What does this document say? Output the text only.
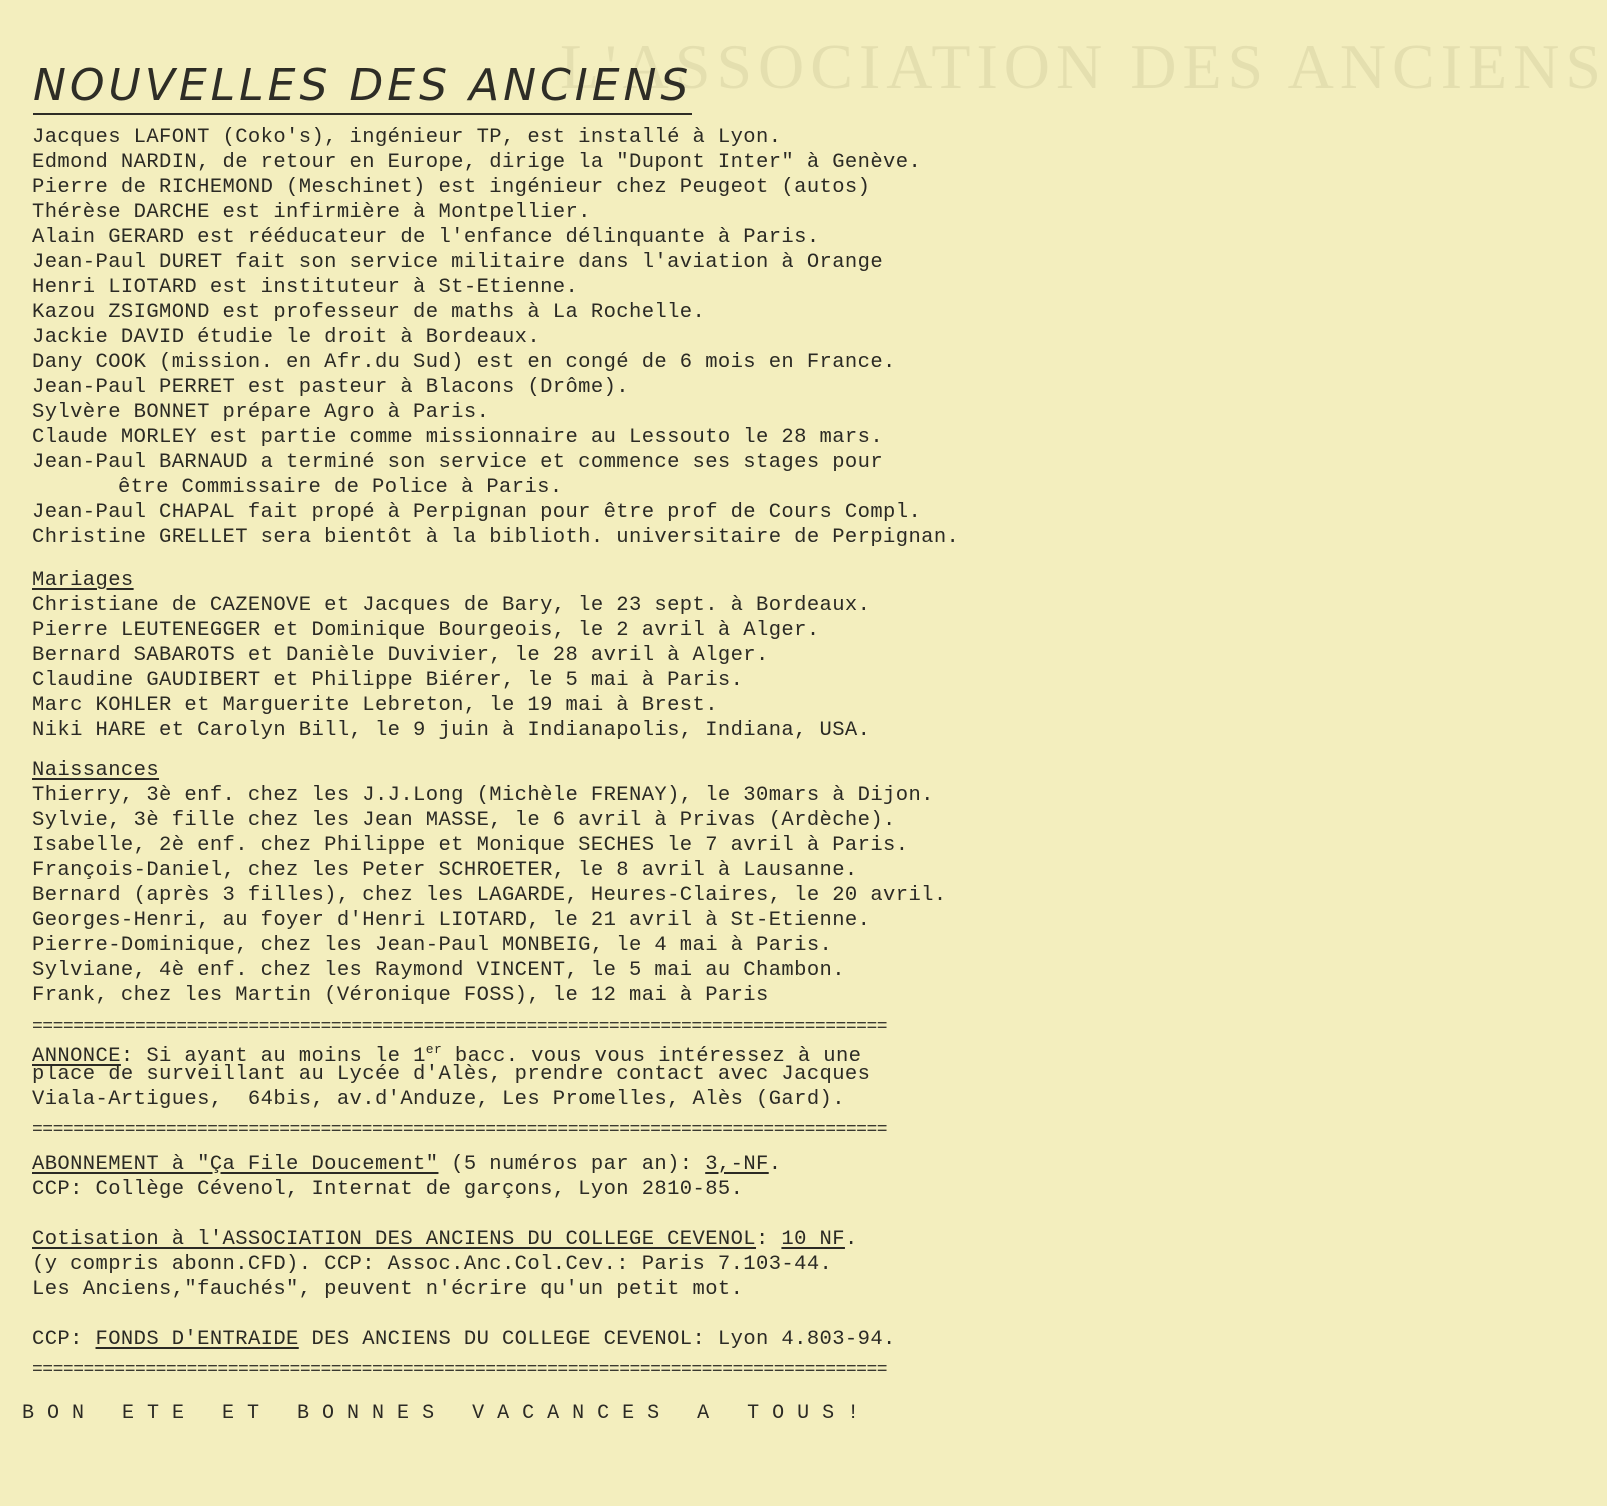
L'ASSOCIATION DES ANCIENS
NOUVELLES DES ANCIENS
Jacques LAFONT (Coko's), ingénieur TP, est installé à Lyon.
Edmond NARDIN, de retour en Europe, dirige la "Dupont Inter" à Genève.
Pierre de RICHEMOND (Meschinet) est ingénieur chez Peugeot (autos)
Thérèse DARCHE est infirmière à Montpellier.
Alain GERARD est rééducateur de l'enfance délinquante à Paris.
Jean-Paul DURET fait son service militaire dans l'aviation à Orange
Henri LIOTARD est instituteur à St-Etienne.
Kazou ZSIGMOND est professeur de maths à La Rochelle.
Jackie DAVID étudie le droit à Bordeaux.
Dany COOK (mission. en Afr.du Sud) est en congé de 6 mois en France.
Jean-Paul PERRET est pasteur à Blacons (Drôme).
Sylvère BONNET prépare Agro à Paris.
Claude MORLEY est partie comme missionnaire au Lessouto le 28 mars.
Jean-Paul BARNAUD a terminé son service et commence ses stages pour
être Commissaire de Police à Paris.
Jean-Paul CHAPAL fait propé à Perpignan pour être prof de Cours Compl.
Christine GRELLET sera bientôt à la biblioth. universitaire de Perpignan.
Mariages
Christiane de CAZENOVE et Jacques de Bary, le 23 sept. à Bordeaux.
Pierre LEUTENEGGER et Dominique Bourgeois, le 2 avril à Alger.
Bernard SABAROTS et Danièle Duvivier, le 28 avril à Alger.
Claudine GAUDIBERT et Philippe Biérer, le 5 mai à Paris.
Marc KOHLER et Marguerite Lebreton, le 19 mai à Brest.
Niki HARE et Carolyn Bill, le 9 juin à Indianapolis, Indiana, USA.
Naissances
Thierry, 3è enf. chez les J.J.Long (Michèle FRENAY), le 30mars à Dijon.
Sylvie, 3è fille chez les Jean MASSE, le 6 avril à Privas (Ardèche).
Isabelle, 2è enf. chez Philippe et Monique SECHES le 7 avril à Paris.
François-Daniel, chez les Peter SCHROETER, le 8 avril à Lausanne.
Bernard (après 3 filles), chez les LAGARDE, Heures-Claires, le 20 avril.
Georges-Henri, au foyer d'Henri LIOTARD, le 21 avril à St-Etienne.
Pierre-Dominique, chez les Jean-Paul MONBEIG, le 4 mai à Paris.
Sylviane, 4è enf. chez les Raymond VINCENT, le 5 mai au Chambon.
Frank, chez les Martin (Véronique FOSS), le 12 mai à Paris
===================================================================================
ANNONCE: Si ayant au moins le 1er bacc. vous vous intéressez à une
place de surveillant au Lycée d'Alès, prendre contact avec Jacques
Viala-Artigues,  64bis, av.d'Anduze, Les Promelles, Alès (Gard).
===================================================================================
ABONNEMENT à "Ça File Doucement" (5 numéros par an): 3,-NF.
CCP: Collège Cévenol, Internat de garçons, Lyon 2810-85.
Cotisation à l'ASSOCIATION DES ANCIENS DU COLLEGE CEVENOL: 10 NF.
(y compris abonn.CFD). CCP: Assoc.Anc.Col.Cev.: Paris 7.103-44.
Les Anciens,"fauchés", peuvent n'écrire qu'un petit mot.
CCP: FONDS D'ENTRAIDE DES ANCIENS DU COLLEGE CEVENOL: Lyon 4.803-94.
===================================================================================
B O N   E T E   E T   B O N N E S   V A C A N C E S   A   T O U S !
